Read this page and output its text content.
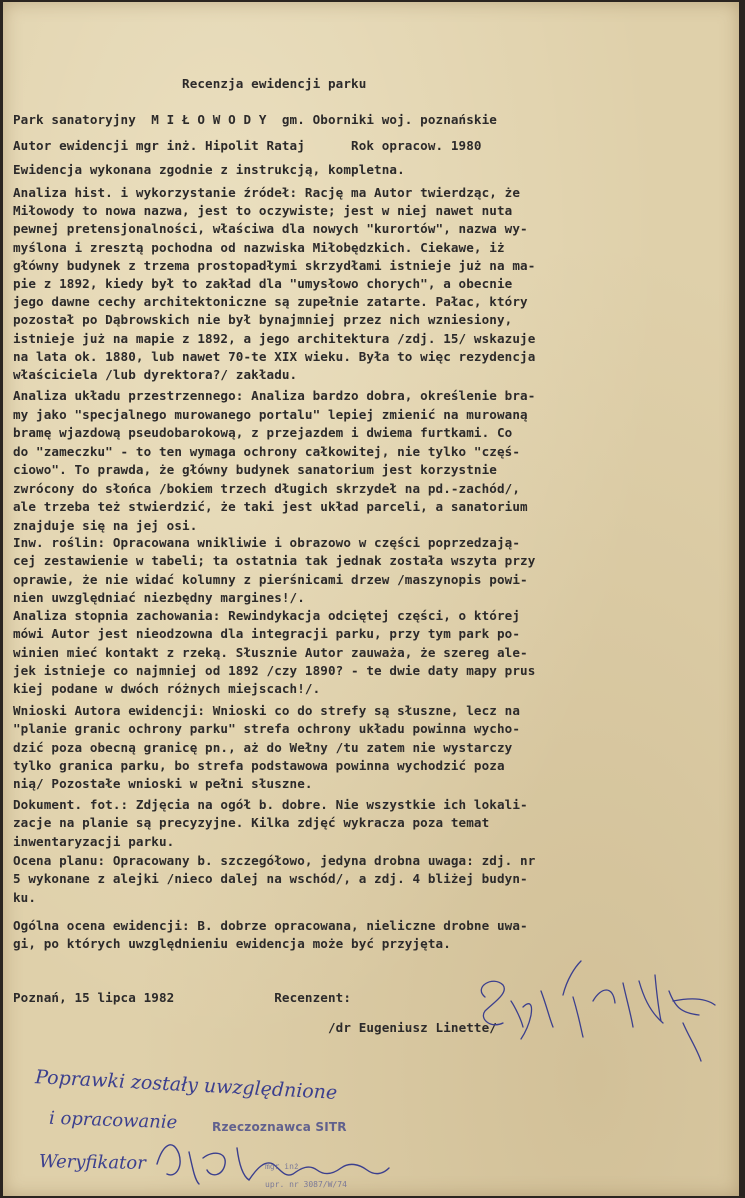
Recenzja ewidencji parku
Park sanatoryjny  M I Ł O W O D Y  gm. Oborniki woj. poznańskie
Autor ewidencji mgr inż. Hipolit Rataj      Rok opracow. 1980
Ewidencja wykonana zgodnie z instrukcją, kompletna.
Analiza hist. i wykorzystanie źródeł: Rację ma Autor twierdząc, że
Miłowody to nowa nazwa, jest to oczywiste; jest w niej nawet nuta
pewnej pretensjonalności, właściwa dla nowych "kurortów", nazwa wy-
myślona i zresztą pochodna od nazwiska Miłobędzkich. Ciekawe, iż
główny budynek z trzema prostopadłymi skrzydłami istnieje już na ma-
pie z 1892, kiedy był to zakład dla "umysłowo chorych", a obecnie
jego dawne cechy architektoniczne są zupełnie zatarte. Pałac, który
pozostał po Dąbrowskich nie był bynajmniej przez nich wzniesiony,
istnieje już na mapie z 1892, a jego architektura /zdj. 15/ wskazuje
na lata ok. 1880, lub nawet 70-te XIX wieku. Była to więc rezydencja
właściciela /lub dyrektora?/ zakładu.
Analiza układu przestrzennego: Analiza bardzo dobra, określenie bra-
my jako "specjalnego murowanego portalu" lepiej zmienić na murowaną
bramę wjazdową pseudobarokową, z przejazdem i dwiema furtkami. Co
do "zameczku" - to ten wymaga ochrony całkowitej, nie tylko "częś-
ciowo". To prawda, że główny budynek sanatorium jest korzystnie
zwrócony do słońca /bokiem trzech długich skrzydeł na pd.-zachód/,
ale trzeba też stwierdzić, że taki jest układ parceli, a sanatorium
znajduje się na jej osi.
Inw. roślin: Opracowana wnikliwie i obrazowo w części poprzedzają-
cej zestawienie w tabeli; ta ostatnia tak jednak została wszyta przy
oprawie, że nie widać kolumny z pierśnicami drzew /maszynopis powi-
nien uwzględniać niezbędny margines!/.
Analiza stopnia zachowania: Rewindykacja odciętej części, o której
mówi Autor jest nieodzowna dla integracji parku, przy tym park po-
winien mieć kontakt z rzeką. Słusznie Autor zauważa, że szereg ale-
jek istnieje co najmniej od 1892 /czy 1890? - te dwie daty mapy prus
kiej podane w dwóch różnych miejscach!/.
Wnioski Autora ewidencji: Wnioski co do strefy są słuszne, lecz na
"planie granic ochrony parku" strefa ochrony układu powinna wycho-
dzić poza obecną granicę pn., aż do Wełny /tu zatem nie wystarczy
tylko granica parku, bo strefa podstawowa powinna wychodzić poza
nią/ Pozostałe wnioski w pełni słuszne.
Dokument. fot.: Zdjęcia na ogół b. dobre. Nie wszystkie ich lokali-
zacje na planie są precyzyjne. Kilka zdjęć wykracza poza temat
inwentaryzacji parku.
Ocena planu: Opracowany b. szczegółowo, jedyna drobna uwaga: zdj. nr
5 wykonane z alejki /nieco dalej na wschód/, a zdj. 4 bliżej budyn-
ku.
Ogólna ocena ewidencji: B. dobrze opracowana, nieliczne drobne uwa-
gi, po których uwzględnieniu ewidencja może być przyjęta.
Poznań, 15 lipca 1982	Recenzent:
/dr Eugeniusz Linette/
Poprawki zostały uwzględnione
i opracowanie
Weryfikator
Rzeczoznawca SITR
mgr inż.
upr. nr 3087/W/74
